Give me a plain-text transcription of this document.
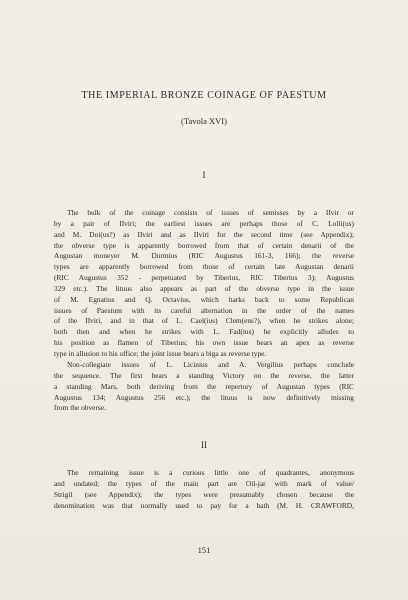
THE IMPERIAL BRONZE COINAGE OF PAESTUM
(Tavola XVI)
I
The bulk of the coinage consists of issues of semisses by a IIvir or
by a pair of IIviri; the earliest issues are perhaps those of C. Lolli(us)
and M. Doi(us?) as IIviri and as IIviri for the second time (see Appendix);
the obverse type is apparently borrowed from that of certain denarii of the
Augustan moneyer M. Durmius (RIC Augustus 161-3, 166); the reverse
types are apparently borrowed from those of certain late Augustan denarii
(RIC Augustus 352 - perpetuated by Tiberius, RIC Tiberius 3); Augustus
329 etc.). The lituus also appears as part of the obverse type in the issue
of M. Egnatius and Q. Octavius, which harks back to some Republican
issues of Paestum with its careful alternation in the order of the names
of the IIviri, and in that of L. Cael(ius) Clem(ens?), when he strikes alone;
both then and when he strikes with L. Fad(ius) he explicitly alludes to
his position as flamen of Tiberius; his own issue bears an apex as reverse
type in allusion to his office; the joint issue bears a biga as reverse type.
Non-collegiate issues of L. Licinius and A. Vergilius perhaps conclude
the sequence. The first bears a standing Victory on the reverse, the latter
a standing Mars, both deriving from the repertory of Augustan types (RIC
Augustus 134; Augustus 256 etc.); the lituus is now definitively missing
from the obverse.
II
The remaining issue is a curious little one of quadrantes, anonymous
and undated; the types of the main part are Oil-jar with mark of value/
Strigil (see Appendix); the types were presumably chosen because the
denomination was that normally used to pay for a bath (M. H. CRAWFORD,
151
